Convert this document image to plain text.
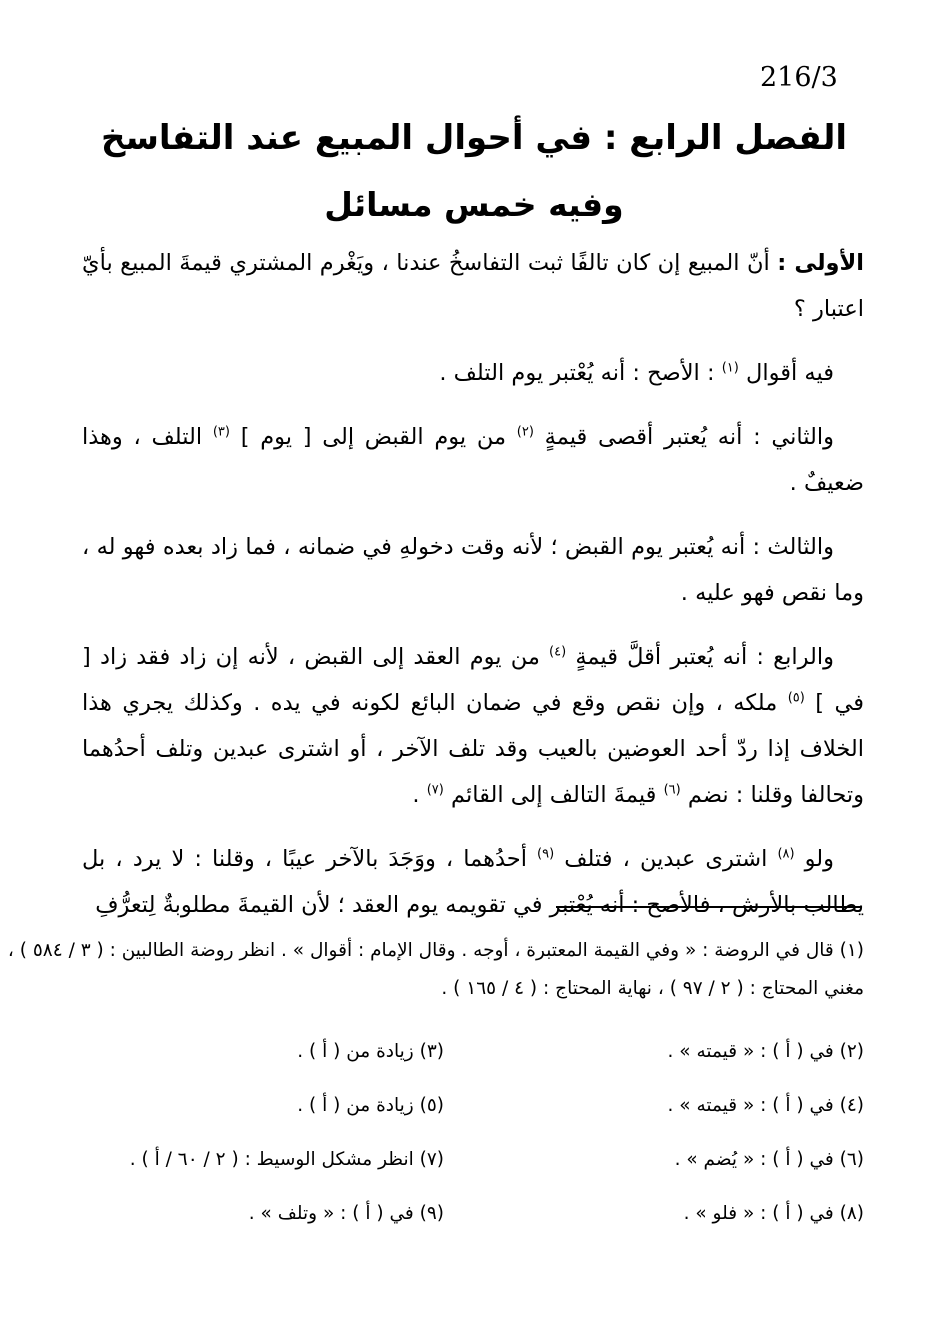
216/3
الفصل الرابع : في أحوال المبيع عند التفاسخ
وفيه خمس مسائل

الأولى : أنّ المبيع إن كان تالفًا ثبت التفاسخُ عندنا ، ويَغْرم المشتري قيمةَ المبيع بأيّ اعتبار ؟

فيه أقوال $^{(١)}$ : الأصح : أنه يُعْتبر يوم التلف .

والثاني : أنه يُعتبر أقصى قيمةٍ $^{(٢)}$ من يوم القبض إلى [ يوم ] $^{(٣)}$ التلف ، وهذا ضعيفٌ .

والثالث : أنه يُعتبر يوم القبض ؛ لأنه وقت دخولهِ في ضمانه ، فما زاد بعده فهو له ، وما نقص فهو عليه .

والرابع : أنه يُعتبر أقلَّ قيمةٍ $^{(٤)}$ من يوم العقد إلى القبض ، لأنه إن زاد فقد زاد [ في ] $^{(٥)}$ ملكه ، وإن نقص وقع في ضمان البائع لكونه في يده . وكذلك يجري هذا الخلاف إذا ردّ أحد العوضين بالعيب وقد تلف الآخر ، أو اشترى عبدين وتلف أحدُهما وتحالفا وقلنا : نضم $^{(٦)}$ قيمةَ التالف إلى القائم $^{(٧)}$ .

ولو $^{(٨)}$ اشترى عبدين ، فتلف $^{(٩)}$ أحدُهما ، ووَجَدَ بالآخر عيبًا ، وقلنا : لا يرد ، بل يطالب بالأرش ، فالأصح : أنه يُعْتبر في تقويمه يوم العقد ؛ لأن القيمةَ مطلوبةٌ لِتعرُّفِ

(١) قال في الروضة : « وفي القيمة المعتبرة ، أوجه . وقال الإمام : أقوال » . انظر روضة الطالبين : ( ٣ / ٥٨٤ ) ،
مغني المحتاج : ( ٢ / ٩٧ ) ، نهاية المحتاج : ( ٤ / ١٦٥ ) .
(٢) في ( أ ) : « قيمته » .
(٣) زيادة من ( أ ) .
(٤) في ( أ ) : « قيمته » .
(٥) زيادة من ( أ ) .
(٦) في ( أ ) : « يُضم » .
(٧) انظر مشكل الوسيط : ( ٢ / ٦٠ / أ ) .
(٨) في ( أ ) : « فلو » .
(٩) في ( أ ) : « وتلف » .
